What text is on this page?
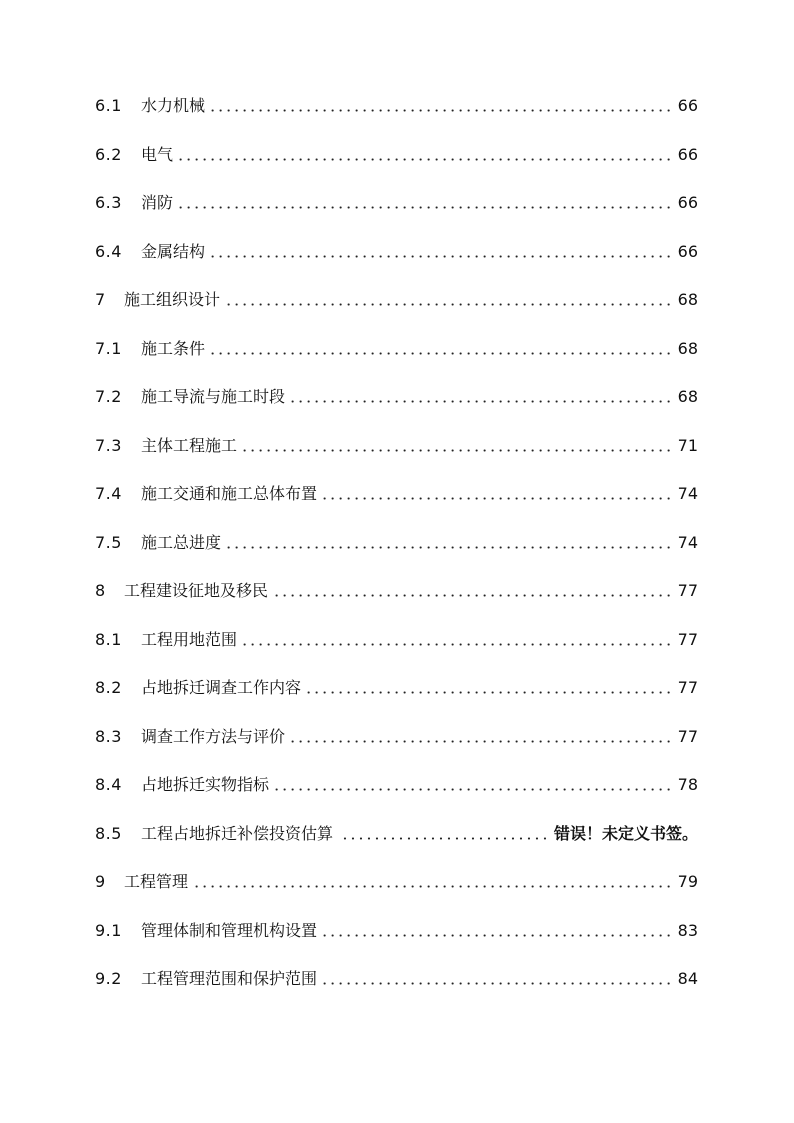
6.1	水力机械	66
6.2	电气	66
6.3	消防	66
6.4	金属结构	66
7	施工组织设计	68
7.1	施工条件	68
7.2	施工导流与施工时段	68
7.3	主体工程施工	71
7.4	施工交通和施工总体布置	74
7.5	施工总进度	74
8	工程建设征地及移民	77
8.1	工程用地范围	77
8.2	占地拆迁调查工作内容	77
8.3	调查工作方法与评价	77
8.4	占地拆迁实物指标	78
8.5	工程占地拆迁补偿投资估算	错误！未定义书签。
9	工程管理	79
9.1	管理体制和管理机构设置	83
9.2	工程管理范围和保护范围	84
